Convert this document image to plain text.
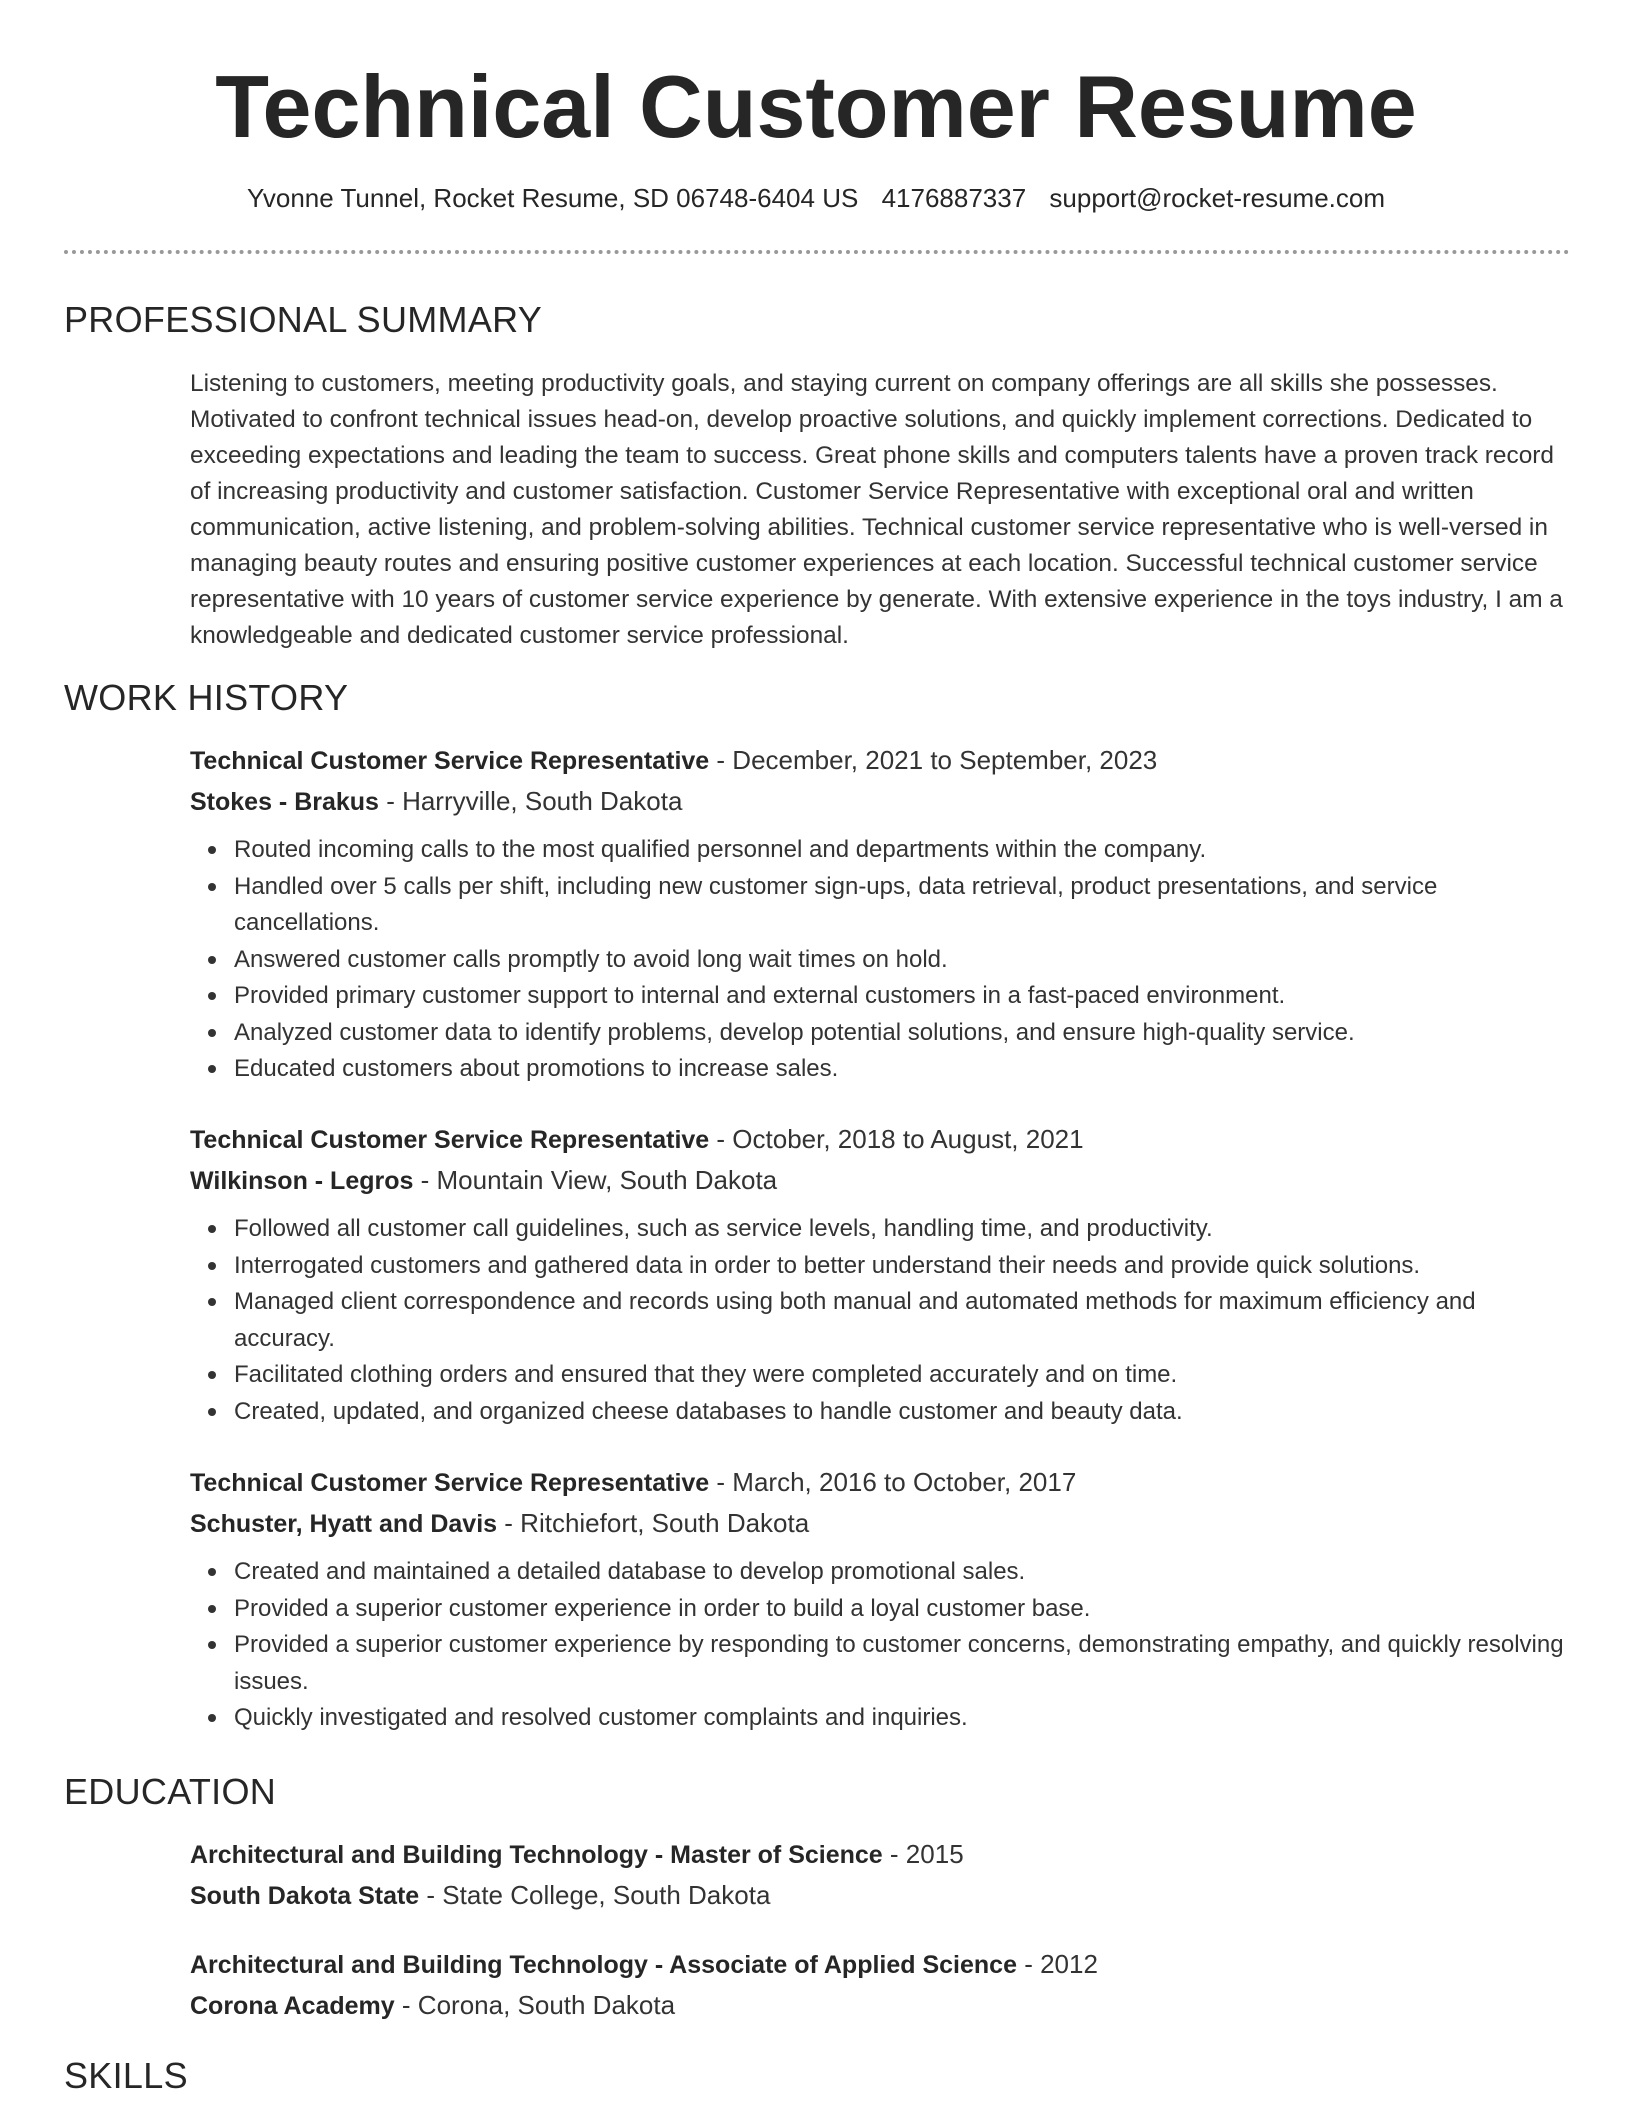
Technical Customer Resume
Yvonne Tunnel, Rocket Resume, SD 06748-6404 US 4176887337 support@rocket-resume.com
PROFESSIONAL SUMMARY

Listening to customers, meeting productivity goals, and staying current on company offerings are all skills she possesses. Motivated to confront technical issues head-on, develop proactive solutions, and quickly implement corrections. Dedicated to exceeding expectations and leading the team to success. Great phone skills and computers talents have a proven track record of increasing productivity and customer satisfaction. Customer Service Representative with exceptional oral and written communication, active listening, and problem-solving abilities. Technical customer service representative who is well-versed in managing beauty routes and ensuring positive customer experiences at each location. Successful technical customer service representative with 10 years of customer service experience by generate. With extensive experience in the toys industry, I am a knowledgeable and dedicated customer service professional.

WORK HISTORY
Technical Customer Service Representative - December, 2021 to September, 2023
Stokes - Brakus - Harryville, South Dakota
Routed incoming calls to the most qualified personnel and departments within the company.
Handled over 5 calls per shift, including new customer sign-ups, data retrieval, product presentations, and service cancellations.
Answered customer calls promptly to avoid long wait times on hold.
Provided primary customer support to internal and external customers in a fast-paced environment.
Analyzed customer data to identify problems, develop potential solutions, and ensure high-quality service.
Educated customers about promotions to increase sales.
Technical Customer Service Representative - October, 2018 to August, 2021
Wilkinson - Legros - Mountain View, South Dakota
Followed all customer call guidelines, such as service levels, handling time, and productivity.
Interrogated customers and gathered data in order to better understand their needs and provide quick solutions.
Managed client correspondence and records using both manual and automated methods for maximum efficiency and accuracy.
Facilitated clothing orders and ensured that they were completed accurately and on time.
Created, updated, and organized cheese databases to handle customer and beauty data.
Technical Customer Service Representative - March, 2016 to October, 2017
Schuster, Hyatt and Davis - Ritchiefort, South Dakota
Created and maintained a detailed database to develop promotional sales.
Provided a superior customer experience in order to build a loyal customer base.
Provided a superior customer experience by responding to customer concerns, demonstrating empathy, and quickly resolving issues.
Quickly investigated and resolved customer complaints and inquiries.
EDUCATION
Architectural and Building Technology - Master of Science - 2015
South Dakota State - State College, South Dakota
Architectural and Building Technology - Associate of Applied Science - 2012
Corona Academy - Corona, South Dakota
SKILLS
